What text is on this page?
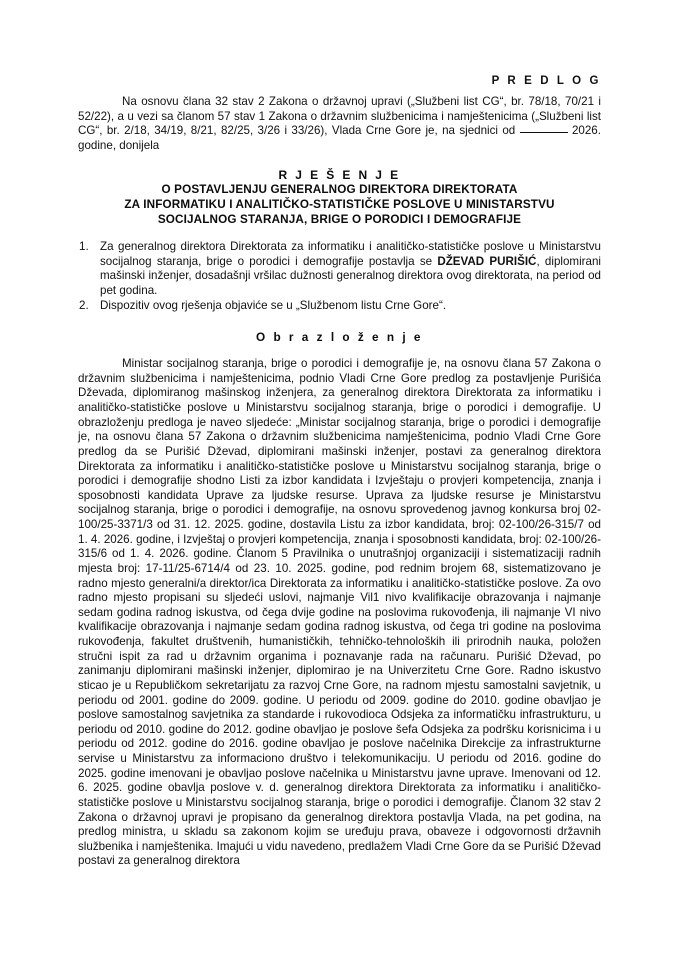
P R E D L O G

Na osnovu člana 32 stav 2 Zakona o državnoj upravi („Službeni list CG“, br. 78/18, 70/21 i 52/22), a u vezi sa članom 57 stav 1 Zakona o državnim službenicima i namještenicima („Službeni list CG“, br. 2/18, 34/19, 8/21, 82/25, 3/26 i 33/26), Vlada Crne Gore je, na sjednici od	2026. godine, donijela

R J E Š E N J E
O POSTAVLJENJU GENERALNOG DIREKTORA DIREKTORATA
ZA INFORMATIKU I ANALITIČKO-STATISTIČKE POSLOVE U MINISTARSTVU
SOCIJALNOG STARANJA, BRIGE O PORODICI I DEMOGRAFIJE
Za generalnog direktora Direktorata za informatiku i analitičko-statističke poslove u Ministarstvu socijalnog staranja, brige o porodici i demografije postavlja se DŽEVAD PURIŠIĆ, diplomirani mašinski inženjer, dosadašnji vršilac dužnosti generalnog direktora ovog direktorata, na period od pet godina.
Dispozitiv ovog rješenja objaviće se u „Službenom listu Crne Gore“.
O b r a z l o ž e n j e

Ministar socijalnog staranja, brige o porodici i demografije je, na osnovu člana 57 Zakona o državnim službenicima i namještenicima, podnio Vladi Crne Gore predlog za postavljenje Purišića Dževada, diplomiranog mašinskog inženjera, za generalnog direktora Direktorata za informatiku i analitičko-statističke poslove u Ministarstvu socijalnog staranja, brige o porodici i demografije. U obrazloženju predloga je naveo sljedeće: „Ministar socijalnog staranja, brige o porodici i demografije je, na osnovu člana 57 Zakona o državnim službenicima namještenicima, podnio Vladi Crne Gore predlog da se Purišić Dževad, diplomirani mašinski inženjer, postavi za generalnog direktora Direktorata za informatiku i analitičko-statističke poslove u Ministarstvu socijalnog staranja, brige o porodici i demografije shodno Listi za izbor kandidata i Izvještaju o provjeri kompetencija, znanja i sposobnosti kandidata Uprave za ljudske resurse. Uprava za ljudske resurse je Ministarstvu socijalnog staranja, brige o porodici i demografije, na osnovu sprovedenog javnog konkursa broj 02-100/25-3371/3 od 31. 12. 2025. godine, dostavila Listu za izbor kandidata, broj: 02-100/26-315/7 od 1. 4. 2026. godine, i Izvještaj o provjeri kompetencija, znanja i sposobnosti kandidata, broj: 02-100/26-315/6 od 1. 4. 2026. godine. Članom 5 Pravilnika o unutrašnjoj organizaciji i sistematizaciji radnih mjesta broj: 17-11/25-6714/4 od 23. 10. 2025. godine, pod rednim brojem 68, sistematizovano je radno mjesto generalni/a direktor/ica Direktorata za informatiku i analitičko-statističke poslove. Za ovo radno mjesto propisani su sljedeći uslovi, najmanje Vil1 nivo kvalifikacije obrazovanja i najmanje sedam godina radnog iskustva, od čega dvije godine na poslovima rukovođenja, ili najmanje VI nivo kvalifikacije obrazovanja i najmanje sedam godina radnog iskustva, od čega tri godine na poslovima rukovođenja, fakultet društvenih, humanističkih, tehničko-tehnoloških ili prirodnih nauka, položen stručni ispit za rad u državnim organima i poznavanje rada na računaru. Purišić Dževad, po zanimanju diplomirani mašinski inženjer, diplomirao je na Univerzitetu Crne Gore. Radno iskustvo sticao je u Republičkom sekretarijatu za razvoj Crne Gore, na radnom mjestu samostalni savjetnik, u periodu od 2001. godine do 2009. godine. U periodu od 2009. godine do 2010. godine obavljao je poslove samostalnog savjetnika za standarde i rukovodioca Odsjeka za informatičku infrastrukturu, u periodu od 2010. godine do 2012. godine obavljao je poslove šefa Odsjeka za podršku korisnicima i u periodu od 2012. godine do 2016. godine obavljao je poslove načelnika Direkcije za infrastrukturne servise u Ministarstvu za informaciono društvo i telekomunikaciju. U periodu od 2016. godine do 2025. godine imenovani je obavljao poslove načelnika u Ministarstvu javne uprave. Imenovani od 12. 6. 2025. godine obavlja poslove v. d. generalnog direktora Direktorata za informatiku i analitičko-statističke poslove u Ministarstvu socijalnog staranja, brige o porodici i demografije. Članom 32 stav 2 Zakona o državnoj upravi je propisano da generalnog direktora postavlja Vlada, na pet godina, na predlog ministra, u skladu sa zakonom kojim se uređuju prava, obaveze i odgovornosti državnih službenika i namještenika. Imajući u vidu navedeno, predlažem Vladi Crne Gore da se Purišić Dževad postavi za generalnog direktora
